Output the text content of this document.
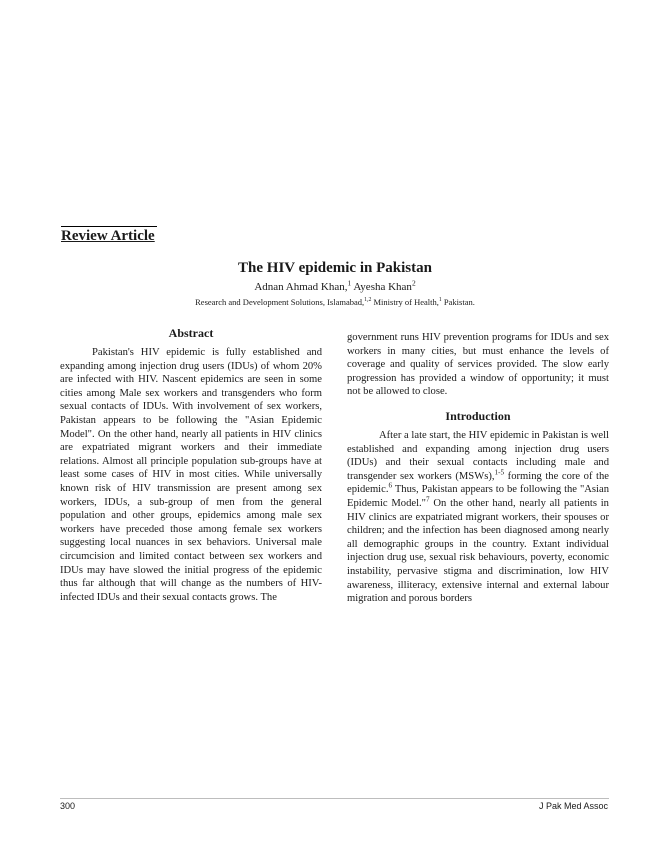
Review Article
The HIV epidemic in Pakistan
Adnan Ahmad Khan,$^1$ Ayesha Khan$^2$
Research and Development Solutions, Islamabad,$^{1,2}$ Ministry of Health,$^1$ Pakistan.
Abstract

Pakistan's HIV epidemic is fully established and expanding among injection drug users (IDUs) of whom 20% are infected with HIV. Nascent epidemics are seen in some cities among Male sex workers and transgenders who form sexual contacts of IDUs. With involvement of sex workers, Pakistan appears to be following the "Asian Epidemic Model". On the other hand, nearly all patients in HIV clinics are expatriated migrant workers and their immediate relations. Almost all principle population sub-groups have at least some cases of HIV in most cities. While universally known risk of HIV transmission are present among sex workers, IDUs, a sub-group of men from the general population and other groups, epidemics among male sex workers have preceded those among female sex workers suggesting local nuances in sex behaviors. Universal male circumcision and limited contact between sex workers and IDUs may have slowed the initial progress of the epidemic thus far although that will change as the numbers of HIV-infected IDUs and their sexual contacts grows. The

government runs HIV prevention programs for IDUs and sex workers in many cities, but must enhance the levels of coverage and quality of services provided. The slow early progression has provided a window of opportunity; it must not be allowed to close.

Introduction

After a late start, the HIV epidemic in Pakistan is well established and expanding among injection drug users (IDUs) and their sexual contacts including male and transgender sex workers (MSWs),$^{1-5}$ forming the core of the epidemic.$^6$ Thus, Pakistan appears to be following the "Asian Epidemic Model."$^7$ On the other hand, nearly all patients in HIV clinics are expatriated migrant workers, their spouses or children; and the infection has been diagnosed among nearly all demographic groups in the country. Extant individual injection drug use, sexual risk behaviours, poverty, economic instability, pervasive stigma and discrimination, low HIV awareness, illiteracy, extensive internal and external labour migration and porous borders

300	J Pak Med Assoc
